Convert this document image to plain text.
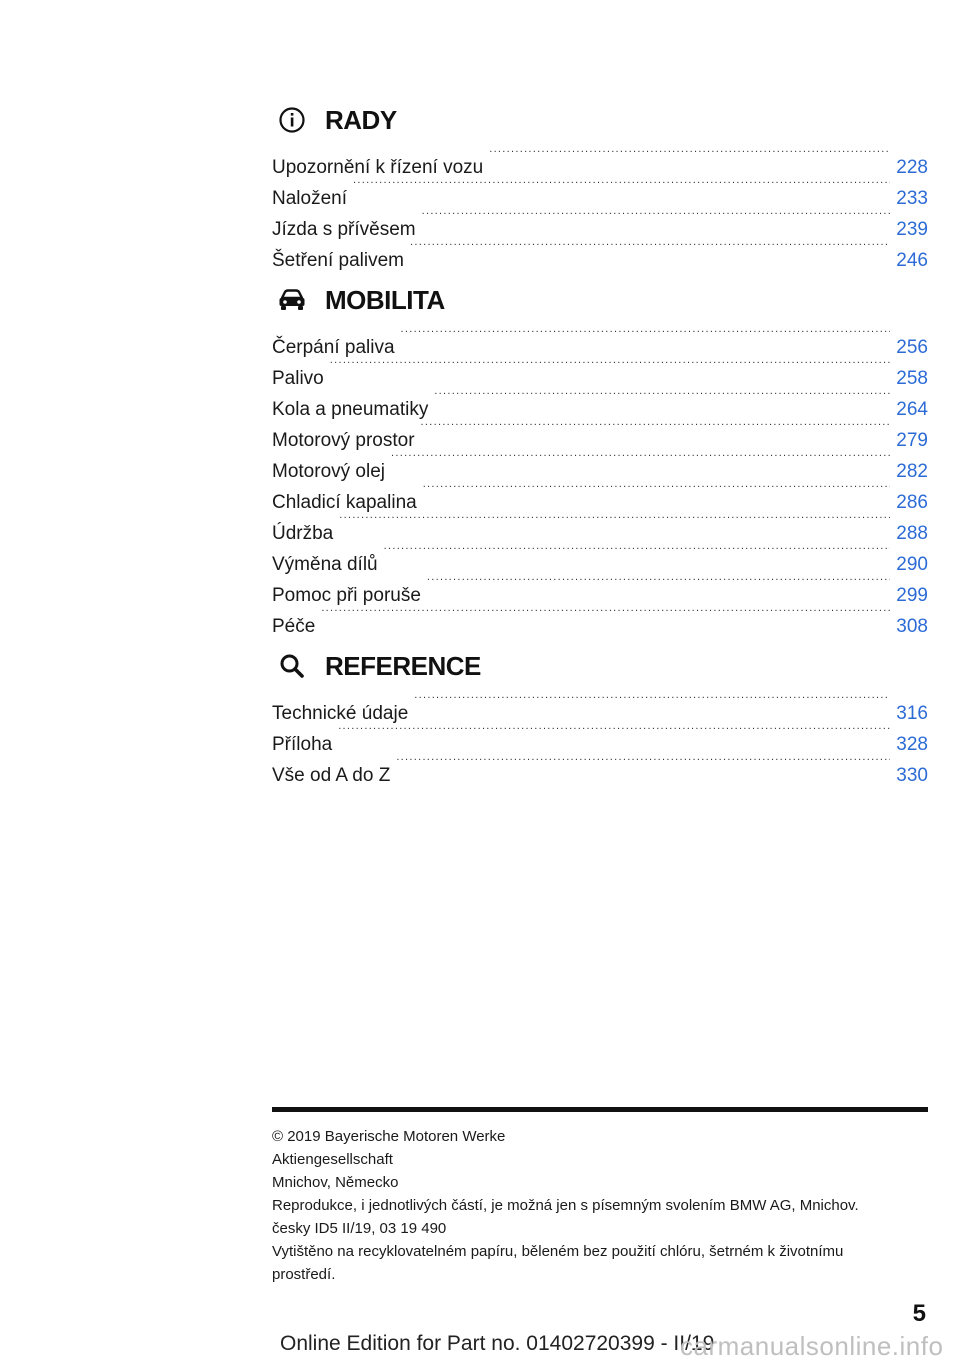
RADY
Upozornění k řízení vozu .....	228
Naložení .....	233
Jízda s přívěsem .....	239
Šetření palivem .....	246
MOBILITA
Čerpání paliva .....	256
Palivo .....	258
Kola a pneumatiky .....	264
Motorový prostor .....	279
Motorový olej .....	282
Chladicí kapalina .....	286
Údržba .....	288
Výměna dílů .....	290
Pomoc při poruše .....	299
Péče .....	308
REFERENCE
Technické údaje .....	316
Příloha .....	328
Vše od A do Z .....	330
© 2019 Bayerische Motoren Werke
Aktiengesellschaft
Mnichov, Německo
Reprodukce, i jednotlivých částí, je možná jen s písemným svolením BMW AG, Mnichov.
česky ID5 II/19, 03 19 490
Vytištěno na recyklovatelném papíru, běleném bez použití chlóru, šetrném k životnímu
prostředí.
5
Online Edition for Part no. 01402720399 - II/19
carmanualsonline.info
